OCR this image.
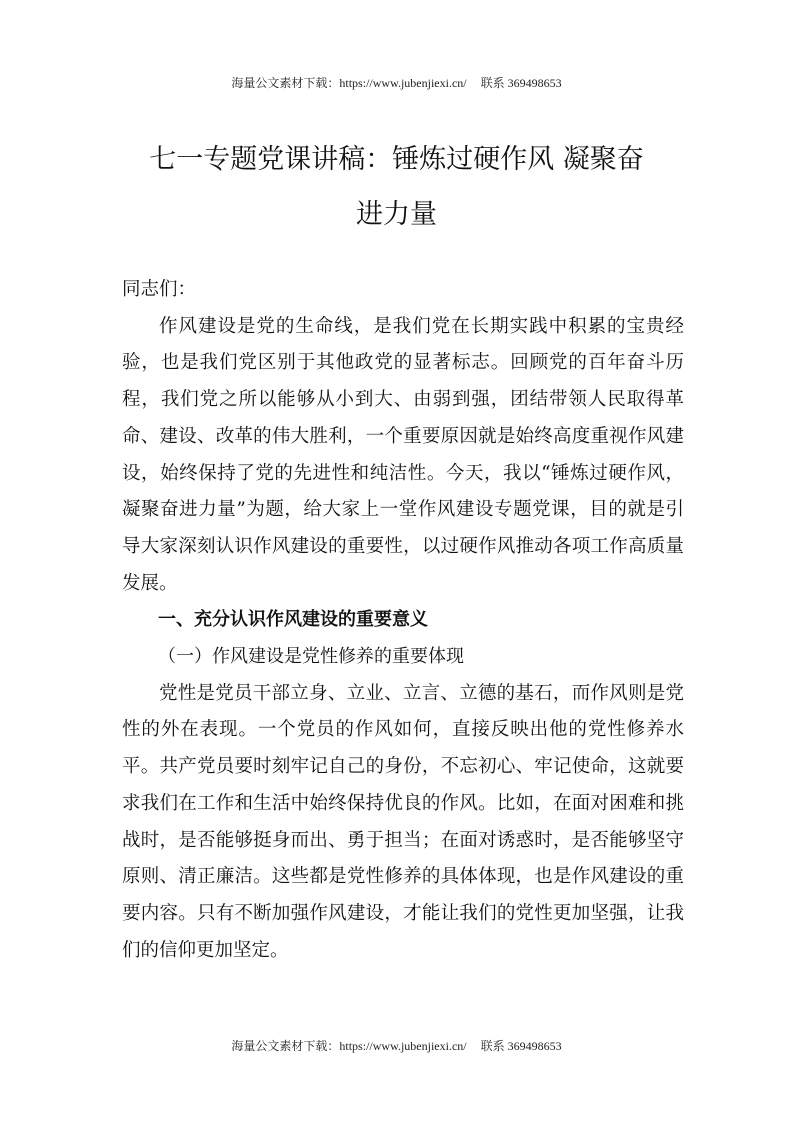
海量公文素材下载：https://www.jubenjiexi.cn/ 联系 369498653
七一专题党课讲稿：锤炼过硬作风 凝聚奋
进力量

同志们：

作风建设是党的生命线，是我们党在长期实践中积累的宝贵经验，也是我们党区别于其他政党的显著标志。回顾党的百年奋斗历程，我们党之所以能够从小到大、由弱到强，团结带领人民取得革命、建设、改革的伟大胜利，一个重要原因就是始终高度重视作风建设，始终保持了党的先进性和纯洁性。今天，我以“锤炼过硬作风，凝聚奋进力量”为题，给大家上一堂作风建设专题党课，目的就是引导大家深刻认识作风建设的重要性，以过硬作风推动各项工作高质量发展。

一、充分认识作风建设的重要意义

（一）作风建设是党性修养的重要体现

党性是党员干部立身、立业、立言、立德的基石，而作风则是党性的外在表现。一个党员的作风如何，直接反映出他的党性修养水平。共产党员要时刻牢记自己的身份，不忘初心、牢记使命，这就要求我们在工作和生活中始终保持优良的作风。比如，在面对困难和挑战时，是否能够挺身而出、勇于担当；在面对诱惑时，是否能够坚守原则、清正廉洁。这些都是党性修养的具体体现，也是作风建设的重要内容。只有不断加强作风建设，才能让我们的党性更加坚强，让我们的信仰更加坚定。

海量公文素材下载：https://www.jubenjiexi.cn/ 联系 369498653
